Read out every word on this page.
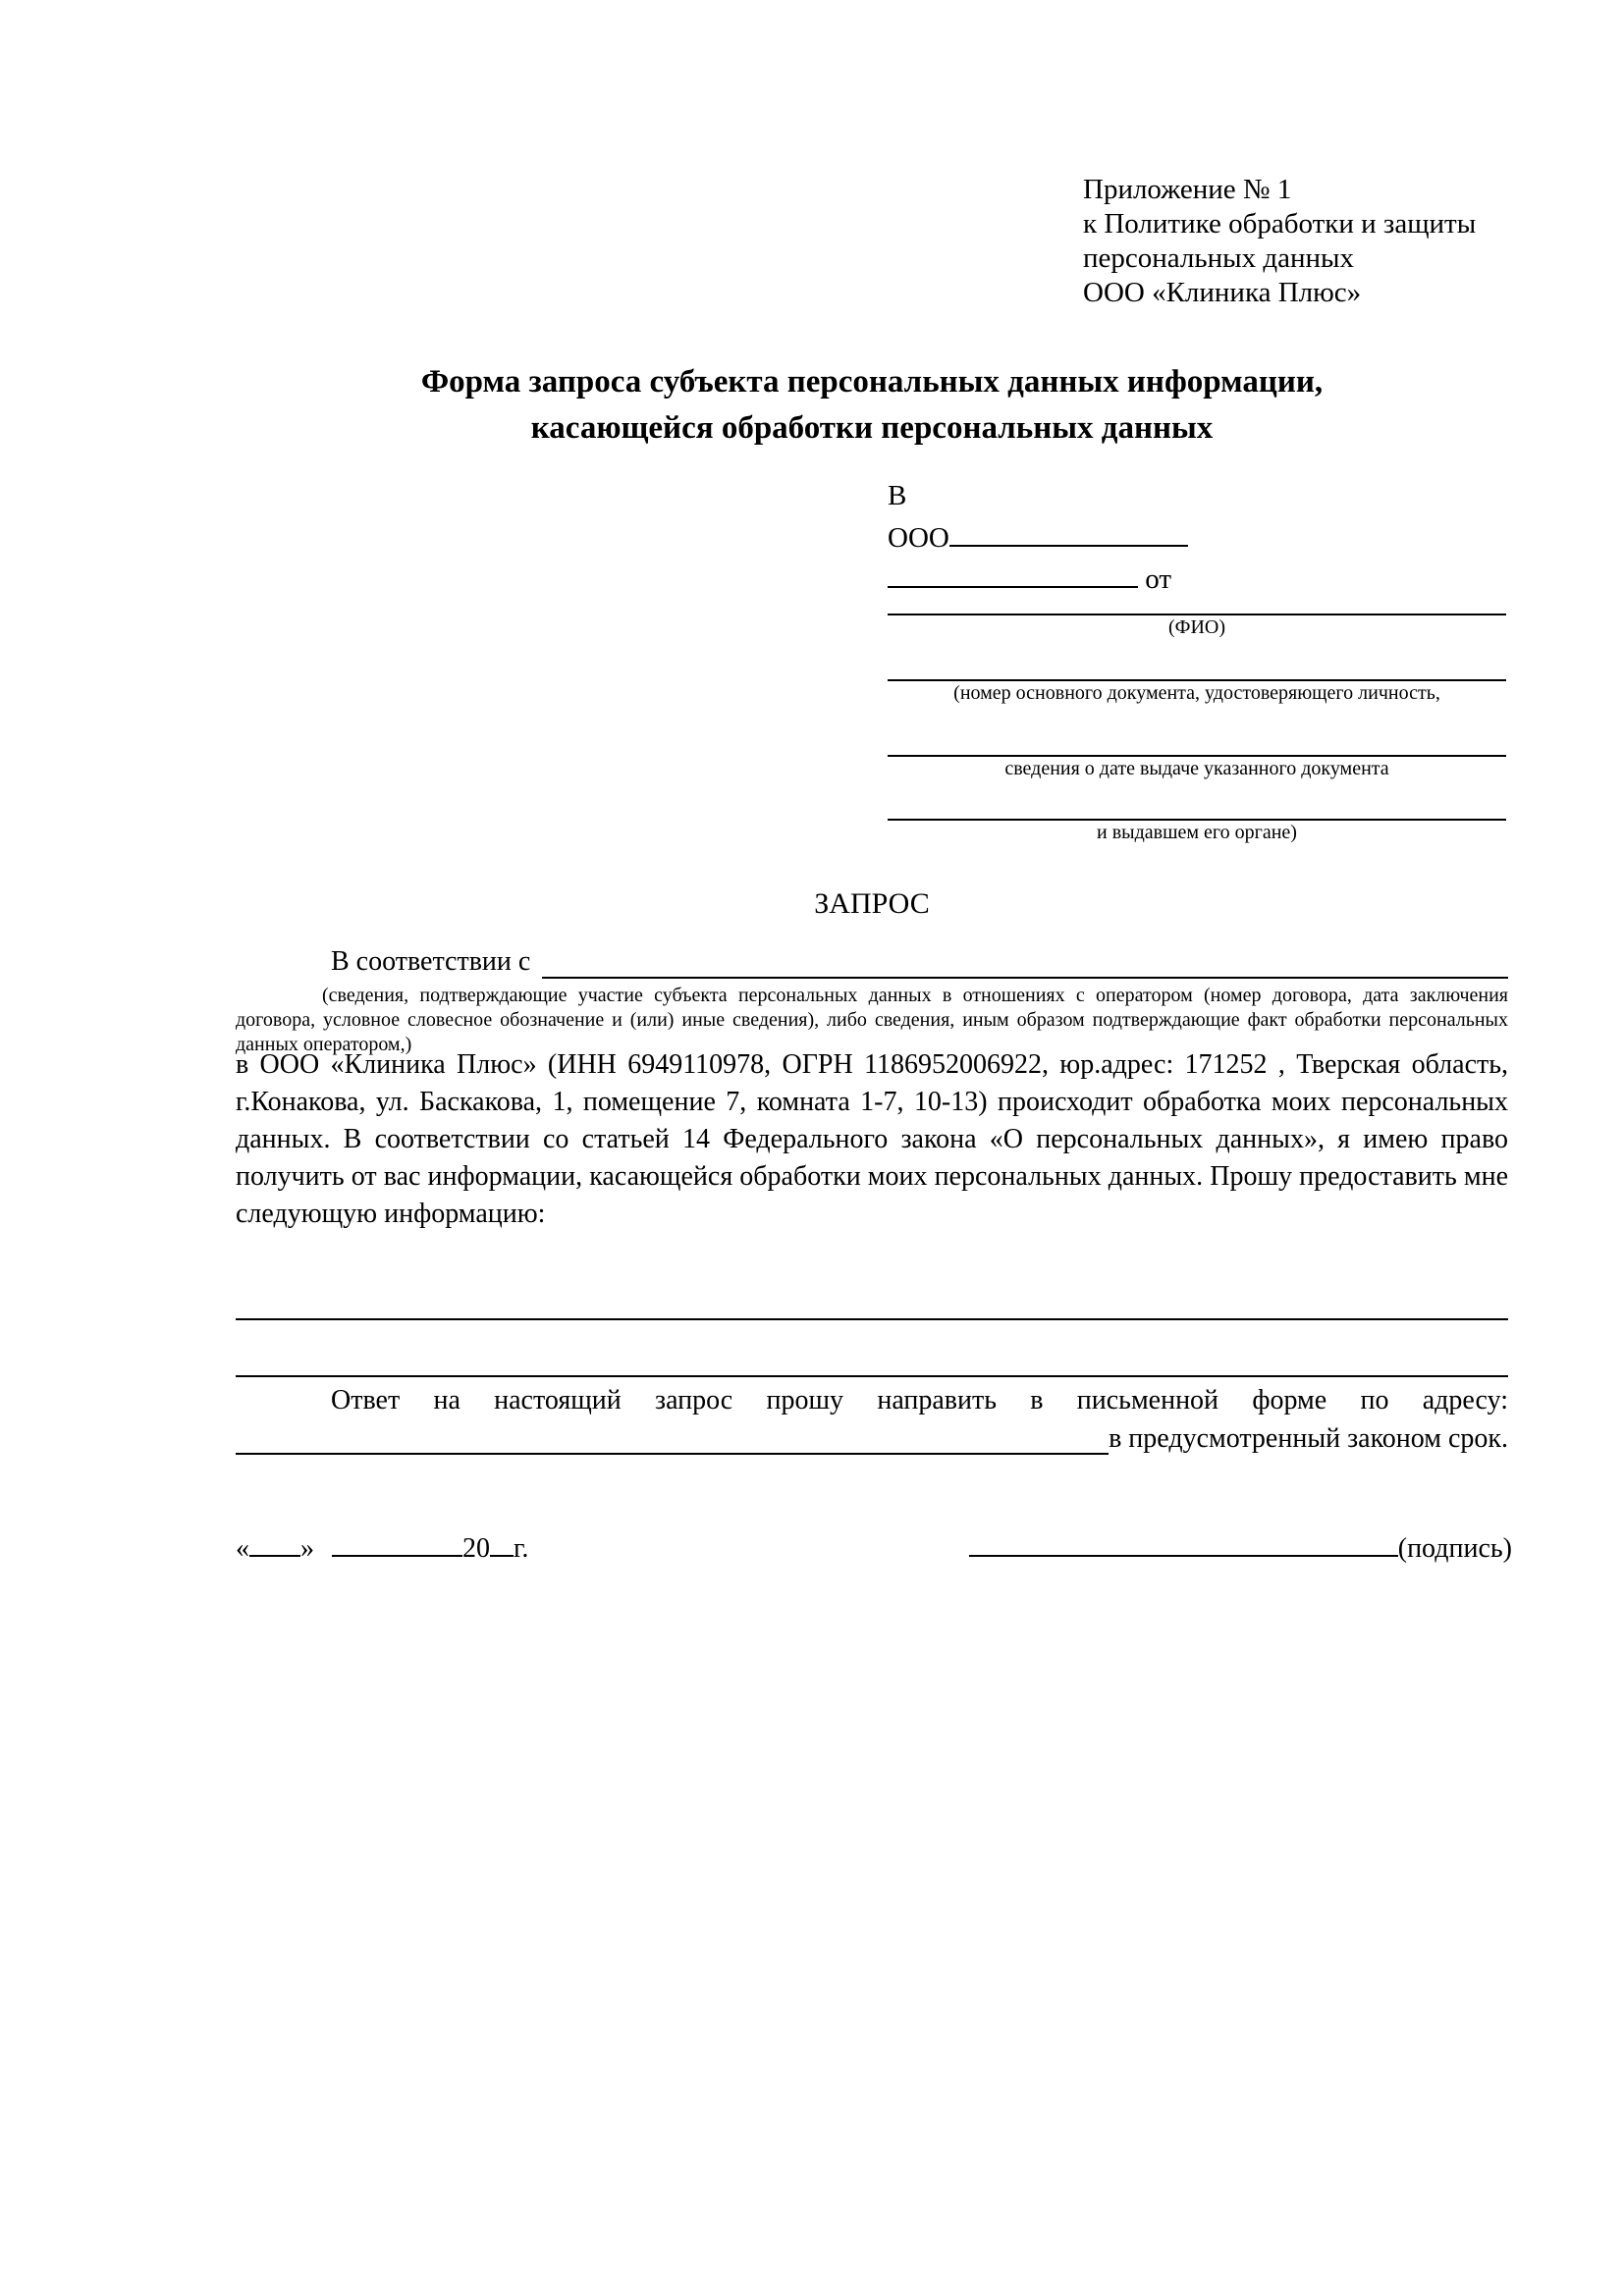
Приложение № 1
к Политике обработки и защиты
персональных данных
ООО «Клиника Плюс»
Форма запроса субъекта персональных данных информации,
касающейся обработки персональных данных
В
ООО
от
(ФИО)
(номер основного документа, удостоверяющего личность,
сведения о дате выдаче указанного документа
и выдавшем его органе)
ЗАПРОС
В соответствии с
(сведения, подтверждающие участие субъекта персональных данных в отношениях с оператором (номер договора, дата заключения договора, условное словесное обозначение и (или) иные сведения), либо сведения, иным образом подтверждающие факт обработки персональных данных оператором,)
в ООО «Клиника Плюс» (ИНН 6949110978, ОГРН 1186952006922, юр.адрес: 171252 , Тверская область, г.Конакова, ул. Баскакова, 1, помещение 7, комната 1-7, 10-13) происходит обработка моих персональных данных. В соответствии со статьей 14 Федерального закона «О персональных данных», я имею право получить от вас информации, касающейся обработки моих персональных данных. Прошу предоставить мне следующую информацию:
Ответ на настоящий запрос прошу направить в письменной форме по адресу:
в предусмотренный законом срок.
« »	20 г.	(подпись)
